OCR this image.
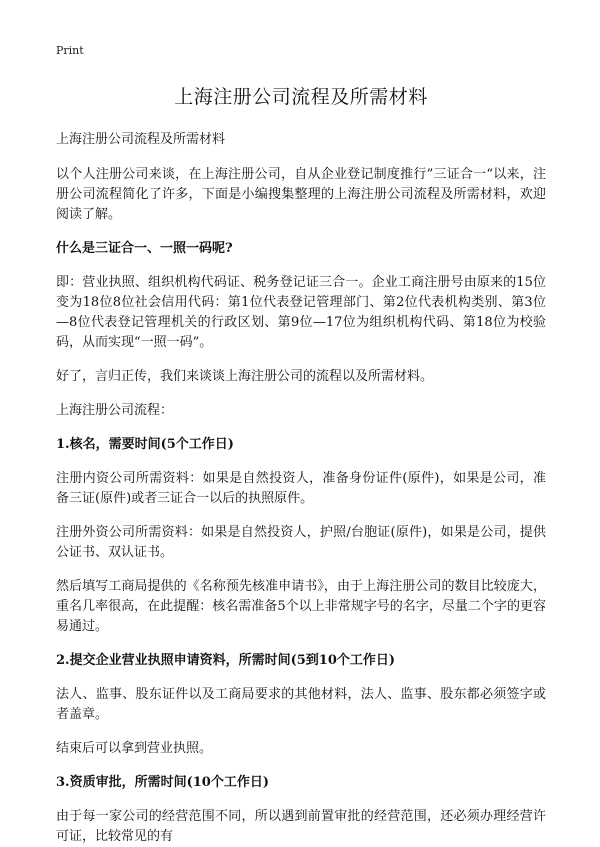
Print
上海注册公司流程及所需材料
上海注册公司流程及所需材料

以个人注册公司来谈，在上海注册公司，自从企业登记制度推行”三证合一“以来，注册公司流程简化了许多，下面是小编搜集整理的上海注册公司流程及所需材料，欢迎阅读了解。

什么是三证合一、一照一码呢?

即：营业执照、组织机构代码证、税务登记证三合一。企业工商注册号由原来的15位变为18位8位社会信用代码：第1位代表登记管理部门、第2位代表机构类别、第3位—8位代表登记管理机关的行政区划、第9位—17位为组织机构代码、第18位为校验码，从而实现“一照一码”。

好了，言归正传，我们来谈谈上海注册公司的流程以及所需材料。

上海注册公司流程：

1.核名，需要时间(5个工作日)

注册内资公司所需资料：如果是自然投资人，准备身份证件(原件)，如果是公司，准备三证(原件)或者三证合一以后的执照原件。

注册外资公司所需资料：如果是自然投资人，护照/台胞证(原件)，如果是公司，提供公证书、双认证书。

然后填写工商局提供的《名称预先核准申请书》，由于上海注册公司的数目比较庞大，重名几率很高，在此提醒：核名需准备5个以上非常规字号的名字，尽量二个字的更容易通过。

2.提交企业营业执照申请资料，所需时间(5到10个工作日)

法人、监事、股东证件以及工商局要求的其他材料，法人、监事、股东都必须签字或者盖章。

结束后可以拿到营业执照。

3.资质审批，所需时间(10个工作日)

由于每一家公司的经营范围不同，所以遇到前置审批的经营范围，还必须办理经营许可证，比较常见的有
